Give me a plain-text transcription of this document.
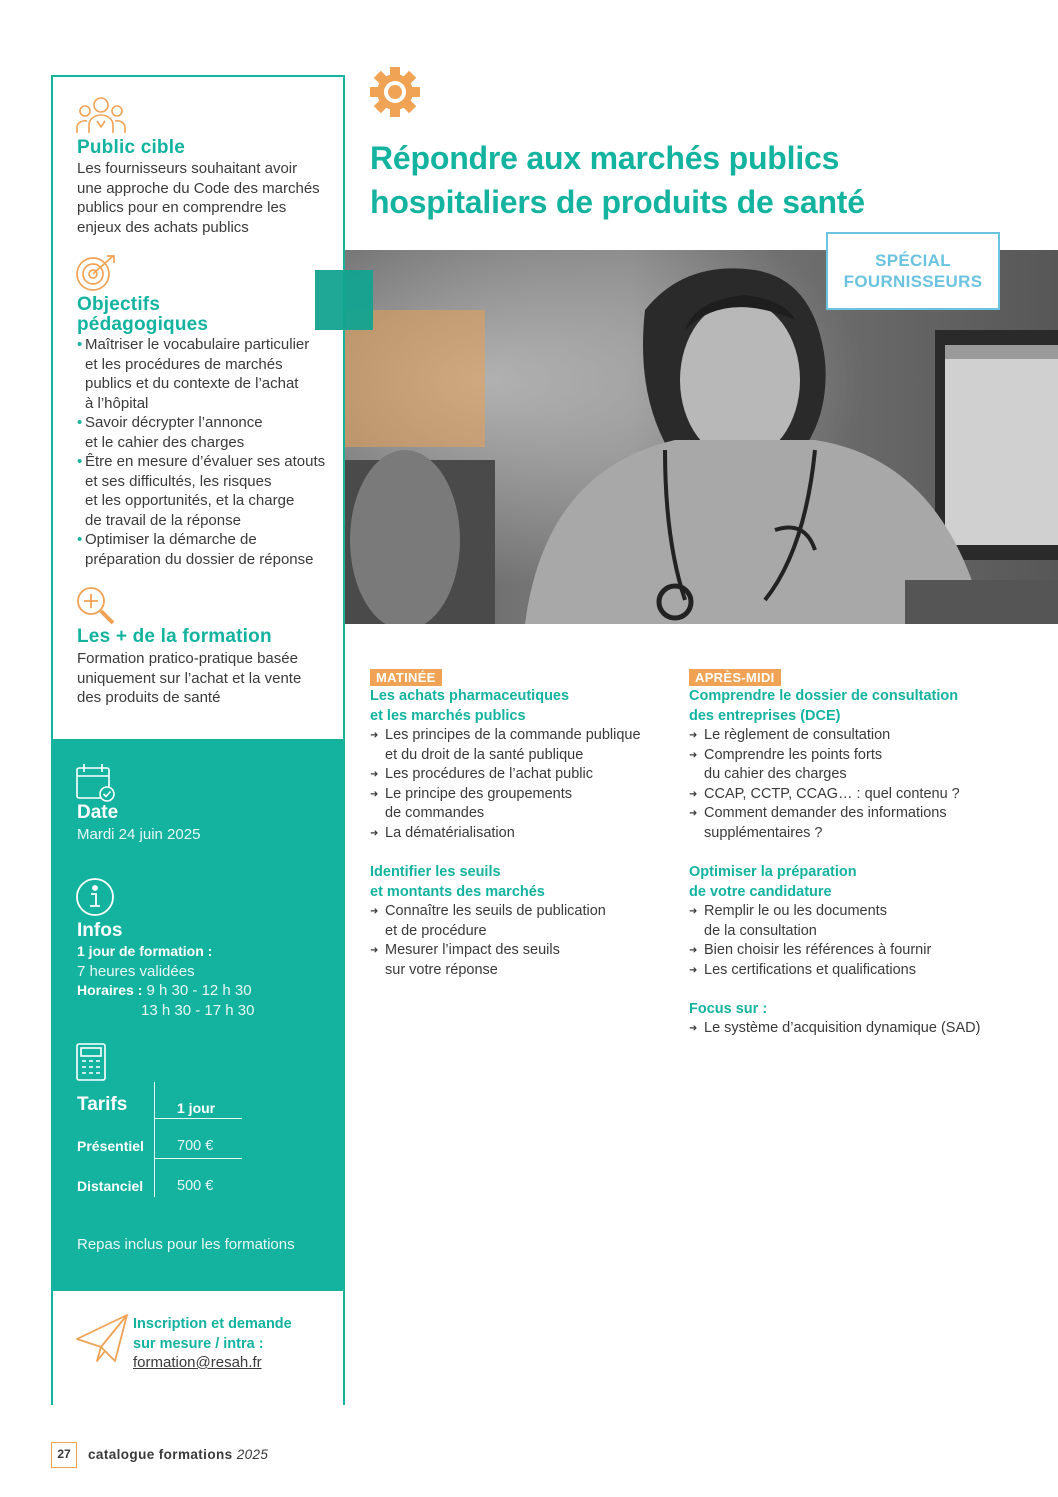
Public cible
Les fournisseurs souhaitant avoir
une approche du Code des marchés
publics pour en comprendre les
enjeux des achats publics
Objectifs
pédagogiques
• Maîtriser le vocabulaire particulier
et les procédures de marchés
publics et du contexte de l’achat
à l’hôpital
• Savoir décrypter l’annonce
et le cahier des charges
• Être en mesure d’évaluer ses atouts
et ses difficultés, les risques
et les opportunités, et la charge
de travail de la réponse
• Optimiser la démarche de
préparation du dossier de réponse
Les + de la formation
Formation pratico-pratique basée
uniquement sur l’achat et la vente
des produits de santé
Date
Mardi 24 juin 2025
Infos
1 jour de formation :
7 heures validées
Horaires : 9 h 30 - 12 h 30
13 h 30 - 17 h 30
Tarifs	1 jour
Présentiel 700 €
Distanciel 500 €
Repas inclus pour les formations
Inscription et demande
sur mesure / intra :
formation@resah.fr
Répondre aux marchés publics
hospitaliers de produits de santé
SPÉCIAL
FOURNISSEURS
MATINÉE
Les achats pharmaceutiques
et les marchés publics
➜ Les principes de la commande publique
et du droit de la santé publique
➜ Les procédures de l’achat public
➜ Le principe des groupements
de commandes
➜ La dématérialisation
Identifier les seuils
et montants des marchés
➜ Connaître les seuils de publication
et de procédure
➜ Mesurer l’impact des seuils
sur votre réponse
APRÈS-MIDI
Comprendre le dossier de consultation
des entreprises (DCE)
➜ Le règlement de consultation
➜ Comprendre les points forts
du cahier des charges
➜ CCAP, CCTP, CCAG… : quel contenu ?
➜ Comment demander des informations
supplémentaires ?
Optimiser la préparation
de votre candidature
➜ Remplir le ou les documents
de la consultation
➜ Bien choisir les références à fournir
➜ Les certifications et qualifications
Focus sur :
➜ Le système d’acquisition dynamique (SAD)
27	catalogue formations 2025
